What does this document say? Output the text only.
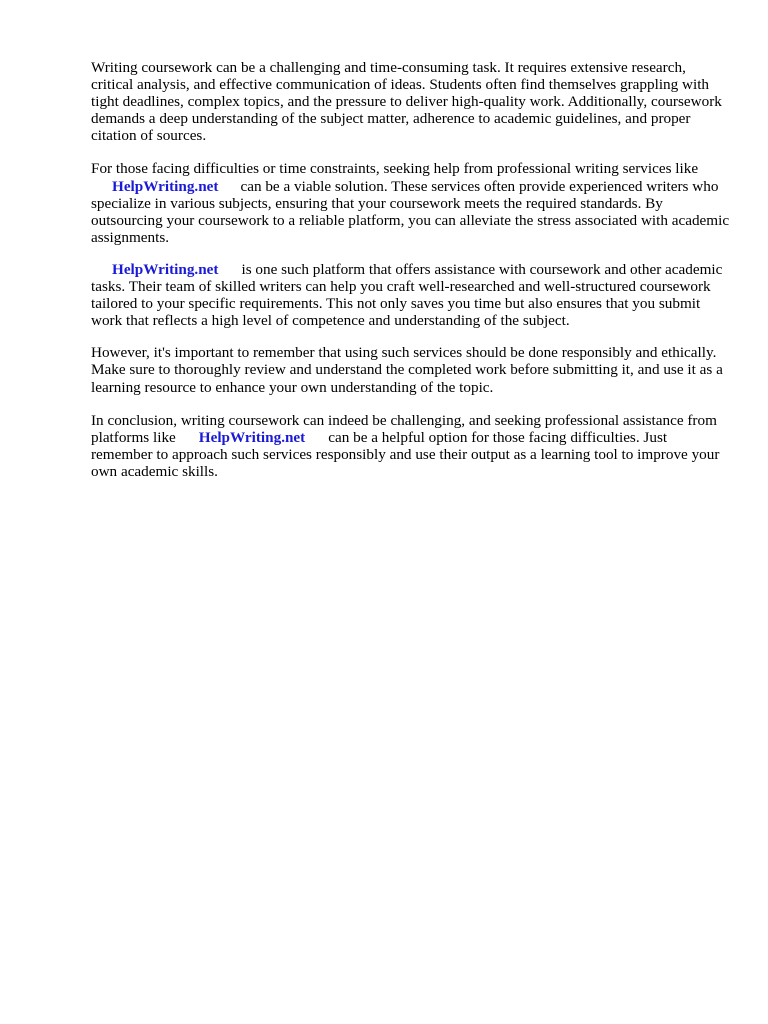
Writing coursework can be a challenging and time-consuming task. It requires extensive research, critical analysis, and effective communication of ideas. Students often find themselves grappling with tight deadlines, complex topics, and the pressure to deliver high-quality work. Additionally, coursework demands a deep understanding of the subject matter, adherence to academic guidelines, and proper citation of sources.

For those facing difficulties or time constraints, seeking help from professional writing services like
HelpWriting.net can be a viable solution. These services often provide experienced writers who specialize in various subjects, ensuring that your coursework meets the required standards. By outsourcing your coursework to a reliable platform, you can alleviate the stress associated with academic assignments.

HelpWriting.net is one such platform that offers assistance with coursework and other academic tasks. Their team of skilled writers can help you craft well-researched and well-structured coursework tailored to your specific requirements. This not only saves you time but also ensures that you submit work that reflects a high level of competence and understanding of the subject.

However, it's important to remember that using such services should be done responsibly and ethically. Make sure to thoroughly review and understand the completed work before submitting it, and use it as a learning resource to enhance your own understanding of the topic.

In conclusion, writing coursework can indeed be challenging, and seeking professional assistance from platforms like HelpWriting.net can be a helpful option for those facing difficulties. Just remember to approach such services responsibly and use their output as a learning tool to improve your own academic skills.
